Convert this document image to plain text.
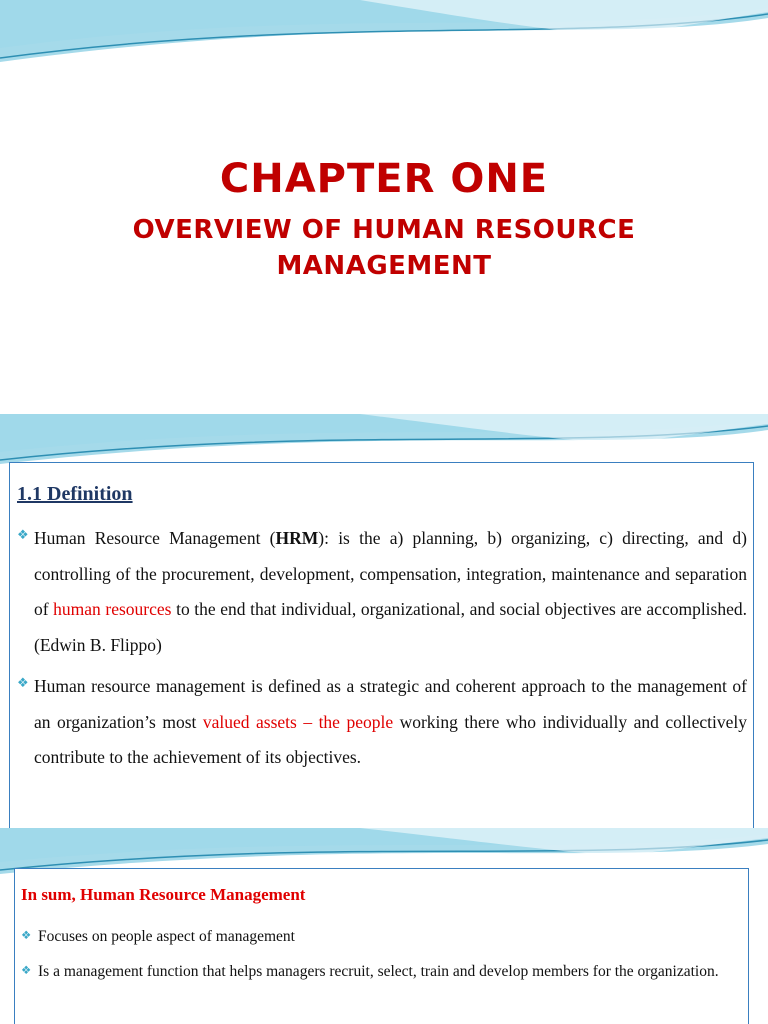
CHAPTER ONE
OVERVIEW OF HUMAN RESOURCE MANAGEMENT
1.1 Definition
❖ Human Resource Management (HRM): is the a) planning, b) organizing, c) directing, and d) controlling of the procurement, development, compensation, integration, maintenance and separation of human resources to the end that individual, organizational, and social objectives are accomplished. (Edwin B. Flippo)
❖ Human resource management is defined as a strategic and coherent approach to the management of an organization’s most valued assets – the people working there who individually and collectively contribute to the achievement of its objectives.
In sum, Human Resource Management
❖ Focuses on people aspect of management
❖ Is a management function that helps managers recruit, select, train and develop members for the organization.
